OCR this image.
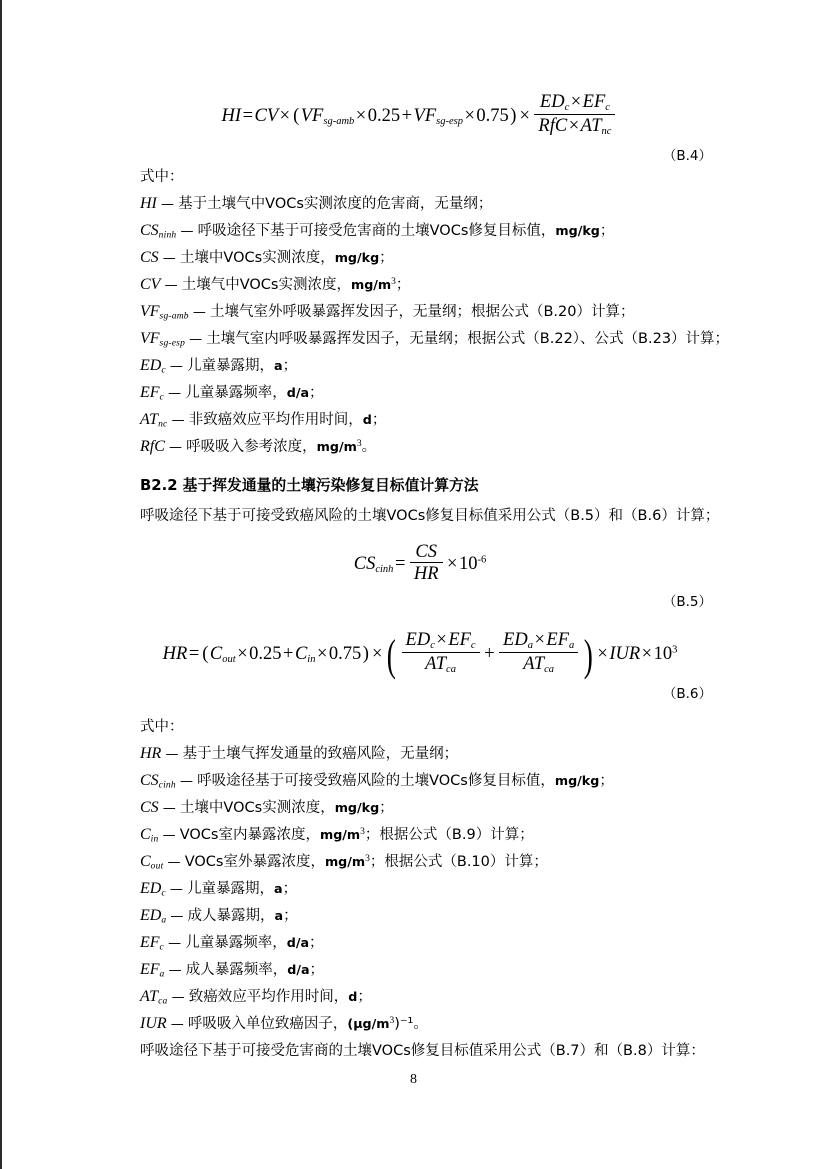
$HI=CV\times (VF_{sg-amb}\times 0.25+VF_{sg-esp}\times 0.75) \times \frac{ED_c\times EF_c}{RfC\times AT_{nc}}$
（B.4）
式中：
HI — 基于土壤气中VOCs实测浓度的危害商，无量纲；
$CS_{ninh}$ — 呼吸途径下基于可接受危害商的土壤VOCs修复目标值，mg/kg；
CS — 土壤中VOCs实测浓度，mg/kg；
CV — 土壤气中VOCs实测浓度，$mg/m^3$；
$VF_{sg-amb}$ — 土壤气室外呼吸暴露挥发因子，无量纲；根据公式（B.20）计算；
$VF_{sg-esp}$ — 土壤气室内呼吸暴露挥发因子，无量纲；根据公式（B.22）、公式（B.23）计算；
$ED_c$ — 儿童暴露期，a；
$EF_c$ — 儿童暴露频率，d/a；
$AT_{nc}$ — 非致癌效应平均作用时间，d；
RfC — 呼吸吸入参考浓度，$mg/m^3$。
B2.2 基于挥发通量的土壤污染修复目标值计算方法
呼吸途径下基于可接受致癌风险的土壤VOCs修复目标值采用公式（B.5）和（B.6）计算；
$CS_{cinh}= \frac{CS}{HR} \times 10^{-6}$
（B.5）
$HR= (C_{out}\times 0.25+C_{in}\times 0.75)$ ×( $\frac{ED_c\times EF_c}{AT_{ca}} + \frac{ED_a\times EF_a}{AT_{ca}}$ ) $\times IUR\times 10^3$
（B.6）
式中：
HR — 基于土壤气挥发通量的致癌风险，无量纲；
$CS_{cinh}$ — 呼吸途径基于可接受致癌风险的土壤VOCs修复目标值，mg/kg；
CS — 土壤中VOCs实测浓度，mg/kg；
$C_{in}$ — VOCs室内暴露浓度，$mg/m^3$；根据公式（B.9）计算；
$C_{out}$ — VOCs室外暴露浓度，$mg/m^3$；根据公式（B.10）计算；
$ED_c$ — 儿童暴露期，a；
$ED_a$ — 成人暴露期，a；
$EF_c$ — 儿童暴露频率，d/a；
$EF_a$ — 成人暴露频率，d/a；
$AT_{ca}$ — 致癌效应平均作用时间，d；
IUR — 呼吸吸入单位致癌因子，$(\mu g/m^3)^{-1}$。
呼吸途径下基于可接受危害商的土壤VOCs修复目标值采用公式（B.7）和（B.8）计算：
8
